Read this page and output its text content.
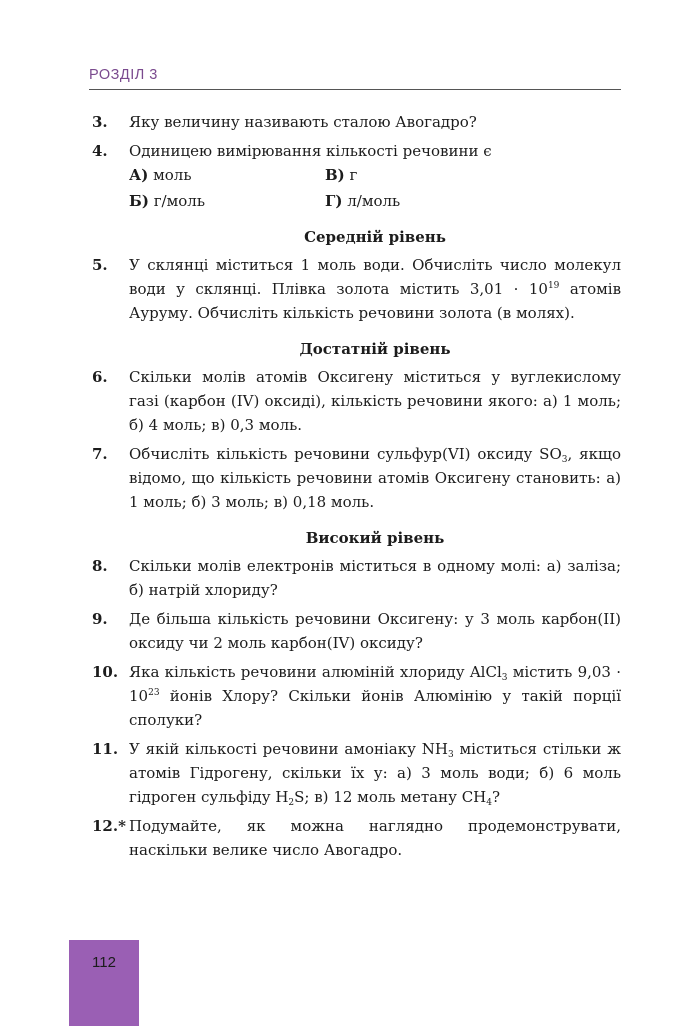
РОЗДІЛ 3
3. Яку величину називають сталою Авогадро?
4. Одиницею вимірювання кількості речовини є
А) моль	В) г
Б) г/моль	Г) л/моль
Середній рівень
5. У склянці міститься 1 моль води. Обчисліть число молекул води у склянці. Плівка золота містить $3,01 \cdot 10^{19}$ атомів Ауруму. Обчисліть кількість речовини золота (в молях).
Достатній рівень
6. Скільки молів атомів Оксигену міститься у вуглекислому газі (карбон (IV) оксиді), кількість речовини якого: а) 1 моль; б) 4 моль; в) 0,3 моль.
7. Обчисліть кількість речовини сульфур(VI) оксиду $SO_3$, якщо відомо, що кількість речовини атомів Оксигену становить: а) 1 моль; б) 3 моль; в) 0,18 моль.
Високий рівень
8. Скільки молів електронів міститься в одному молі: а) заліза; б) натрій хлориду?
9. Де більша кількість речовини Оксигену: у 3 моль карбон(II) оксиду чи 2 моль карбон(IV) оксиду?
10. Яка кількість речовини алюміній хлориду AlCl$_3$ містить $9,03 \cdot 10^{23}$ йонів Хлору? Скільки йонів Алюмінію у такій порції сполуки?
11. У якій кількості речовини амоніаку $NH_3$ міститься стільки ж атомів Гідрогену, скільки їх у: а) 3 моль води; б) 6 моль гідроген сульфіду $H_2S$; в) 12 моль метану $CH_4$?
12.* Подумайте, як можна наглядно продемонструвати, наскільки велике число Авогадро.
112
